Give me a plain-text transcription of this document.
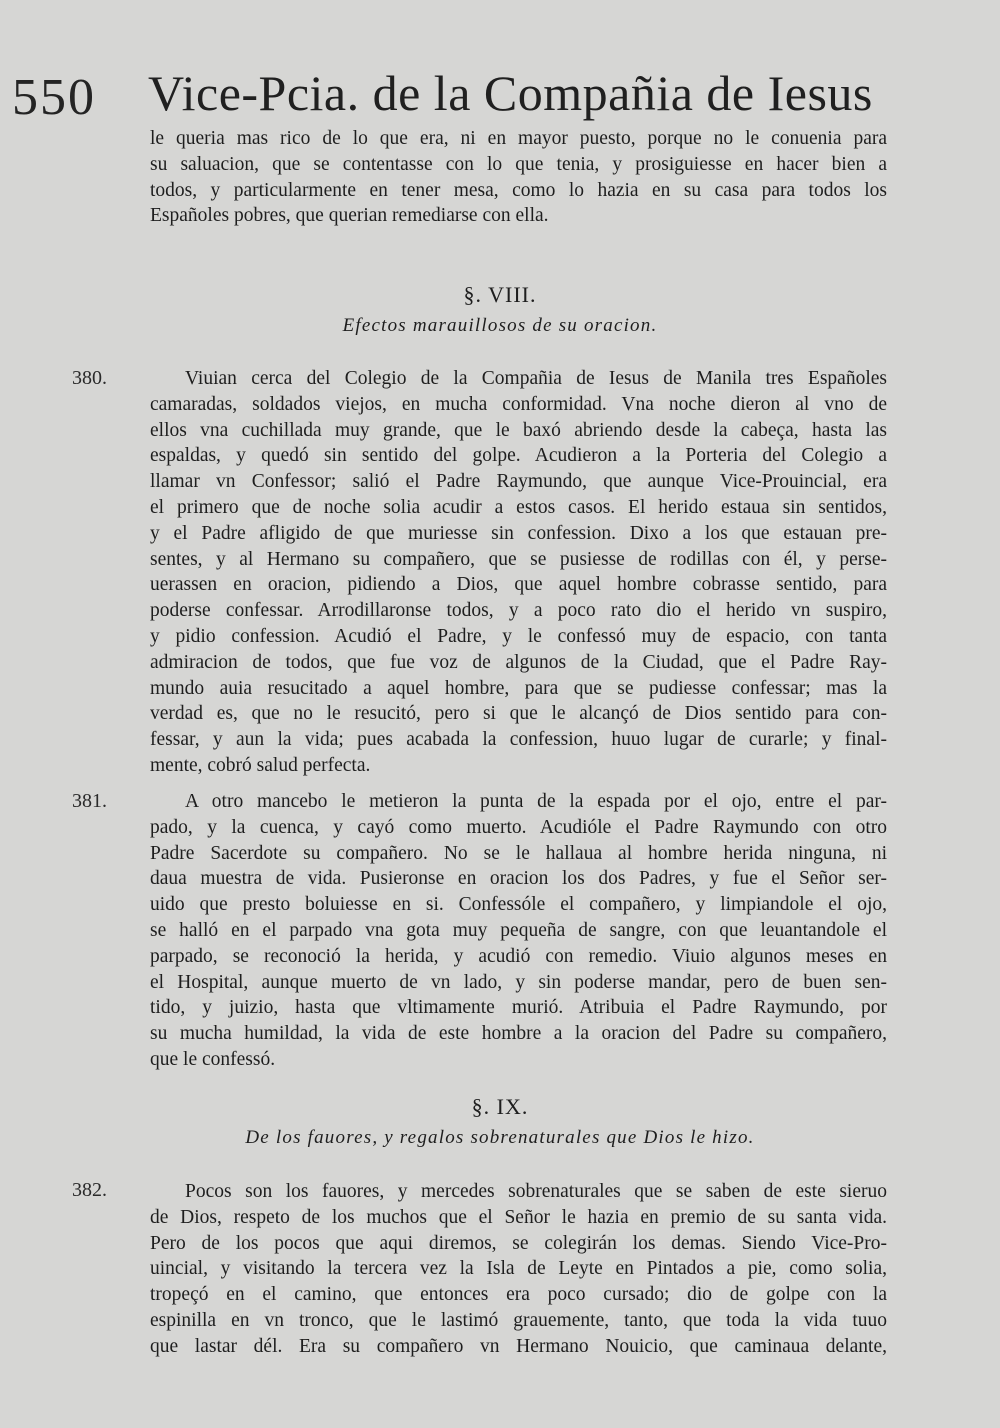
550 Vice-Pcia. de la Compañia de Iesus
le queria mas rico de lo que era, ni en mayor puesto, porque no le conuenia para
su saluacion, que se contentasse con lo que tenia, y prosiguiesse en hacer bien a
todos, y particularmente en tener mesa, como lo hazia en su casa para todos los
Españoles pobres, que querian remediarse con ella.
§. VIII.
Efectos marauillosos de su oracion.
380.	Viuian cerca del Colegio de la Compañia de Iesus de Manila tres Españoles
camaradas, soldados viejos, en mucha conformidad. Vna noche dieron al vno de
ellos vna cuchillada muy grande, que le baxó abriendo desde la cabeça, hasta las
espaldas, y quedó sin sentido del golpe. Acudieron a la Porteria del Colegio a
llamar vn Confessor; salió el Padre Raymundo, que aunque Vice-Prouincial, era
el primero que de noche solia acudir a estos casos. El herido estaua sin sentidos,
y el Padre afligido de que muriesse sin confession. Dixo a los que estauan pre-
sentes, y al Hermano su compañero, que se pusiesse de rodillas con él, y perse-
uerassen en oracion, pidiendo a Dios, que aquel hombre cobrasse sentido, para
poderse confessar. Arrodillaronse todos, y a poco rato dio el herido vn suspiro,
y pidio confession. Acudió el Padre, y le confessó muy de espacio, con tanta
admiracion de todos, que fue voz de algunos de la Ciudad, que el Padre Ray-
mundo auia resucitado a aquel hombre, para que se pudiesse confessar; mas la
verdad es, que no le resucitó, pero si que le alcançó de Dios sentido para con-
fessar, y aun la vida; pues acabada la confession, huuo lugar de curarle; y final-
mente, cobró salud perfecta.
381.	A otro mancebo le metieron la punta de la espada por el ojo, entre el par-
pado, y la cuenca, y cayó como muerto. Acudióle el Padre Raymundo con otro
Padre Sacerdote su compañero. No se le hallaua al hombre herida ninguna, ni
daua muestra de vida. Pusieronse en oracion los dos Padres, y fue el Señor ser-
uido que presto boluiesse en si. Confessóle el compañero, y limpiandole el ojo,
se halló en el parpado vna gota muy pequeña de sangre, con que leuantandole el
parpado, se reconoció la herida, y acudió con remedio. Viuio algunos meses en
el Hospital, aunque muerto de vn lado, y sin poderse mandar, pero de buen sen-
tido, y juizio, hasta que vltimamente murió. Atribuia el Padre Raymundo, por
su mucha humildad, la vida de este hombre a la oracion del Padre su compañero,
que le confessó.
§. IX.
De los fauores, y regalos sobrenaturales que Dios le hizo.
382.	Pocos son los fauores, y mercedes sobrenaturales que se saben de este sieruo
de Dios, respeto de los muchos que el Señor le hazia en premio de su santa vida.
Pero de los pocos que aqui diremos, se colegirán los demas. Siendo Vice-Pro-
uincial, y visitando la tercera vez la Isla de Leyte en Pintados a pie, como solia,
tropeçó en el camino, que entonces era poco cursado; dio de golpe con la
espinilla en vn tronco, que le lastimó grauemente, tanto, que toda la vida tuuo
que lastar dél. Era su compañero vn Hermano Nouicio, que caminaua delante,
